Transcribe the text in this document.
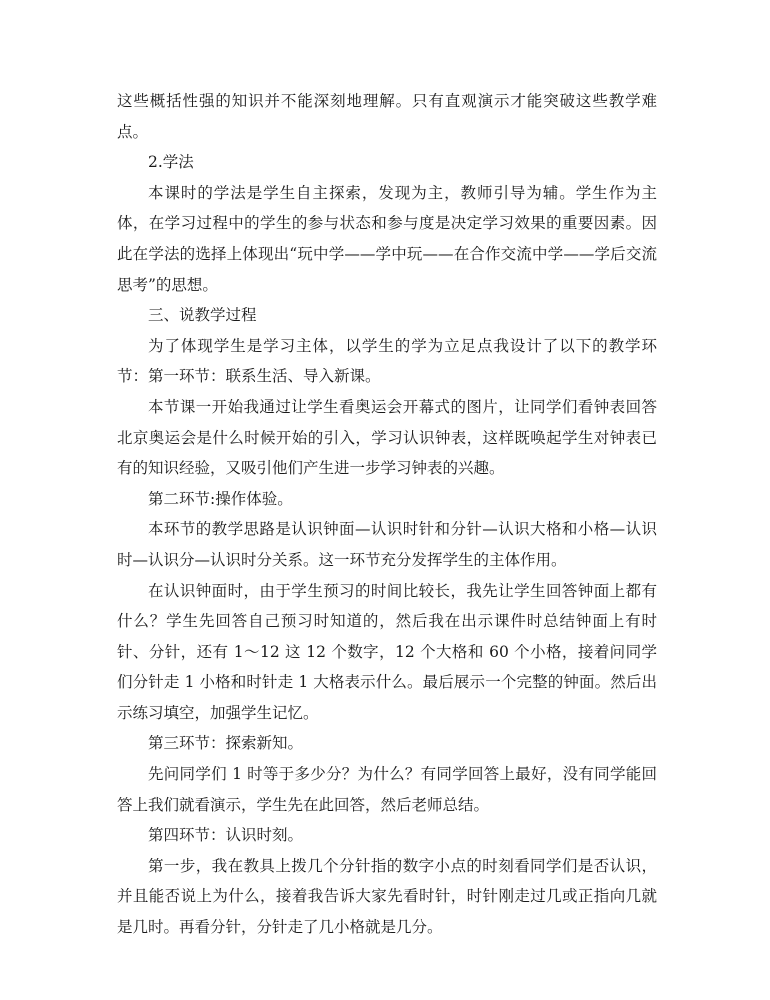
这些概括性强的知识并不能深刻地理解。只有直观演示才能突破这些教学难点。

2.学法

本课时的学法是学生自主探索，发现为主，教师引导为辅。学生作为主体，在学习过程中的学生的参与状态和参与度是决定学习效果的重要因素。因此在学法的选择上体现出“玩中学——学中玩——在合作交流中学——学后交流思考”的思想。

三、说教学过程

为了体现学生是学习主体，以学生的学为立足点我设计了以下的教学环节：第一环节：联系生活、导入新课。

本节课一开始我通过让学生看奥运会开幕式的图片，让同学们看钟表回答北京奥运会是什么时候开始的引入，学习认识钟表，这样既唤起学生对钟表已有的知识经验，又吸引他们产生进一步学习钟表的兴趣。

第二环节:操作体验。

本环节的教学思路是认识钟面—认识时针和分针—认识大格和小格—认识时—认识分—认识时分关系。这一环节充分发挥学生的主体作用。

在认识钟面时，由于学生预习的时间比较长，我先让学生回答钟面上都有什么？学生先回答自己预习时知道的，然后我在出示课件时总结钟面上有时针、分针，还有 1～12 这 12 个数字，12 个大格和 60 个小格，接着问同学们分针走 1 小格和时针走 1 大格表示什么。最后展示一个完整的钟面。然后出示练习填空，加强学生记忆。

第三环节：探索新知。

先问同学们 1 时等于多少分？为什么？有同学回答上最好，没有同学能回答上我们就看演示，学生先在此回答，然后老师总结。

第四环节：认识时刻。

第一步，我在教具上拨几个分针指的数字小点的时刻看同学们是否认识，并且能否说上为什么，接着我告诉大家先看时针，时针刚走过几或正指向几就是几时。再看分针，分针走了几小格就是几分。
